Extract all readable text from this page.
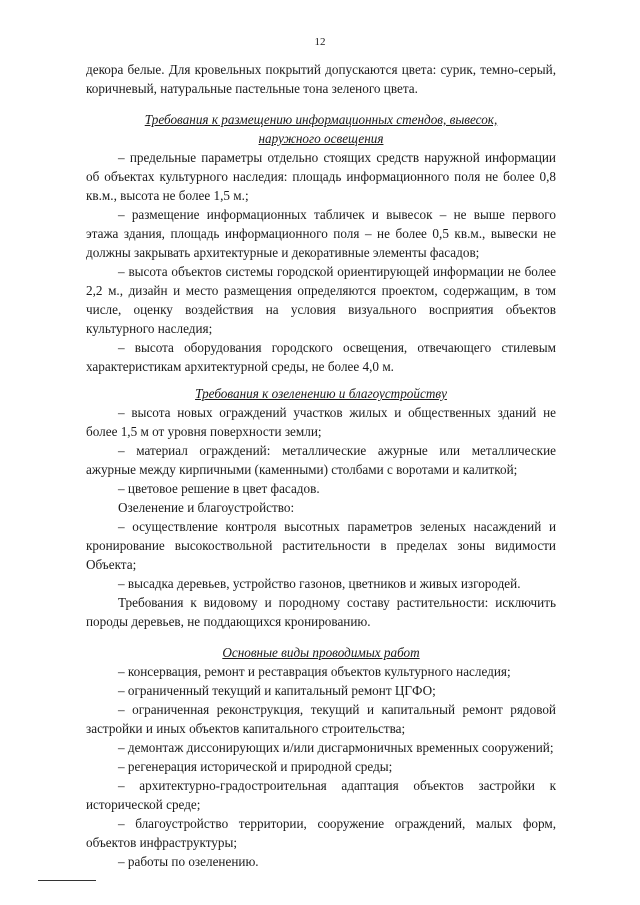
12

декора белые. Для кровельных покрытий допускаются цвета: сурик, темно-серый, коричневый, натуральные пастельные тона зеленого цвета.

Требования к размещению информационных стендов, вывесок,
наружного освещения

– предельные параметры отдельно стоящих средств наружной информации об объектах культурного наследия: площадь информационного поля не более 0,8 кв.м., высота не более 1,5 м.;

– размещение информационных табличек и вывесок – не выше первого этажа здания, площадь информационного поля – не более 0,5 кв.м., вывески не должны закрывать архитектурные и декоративные элементы фасадов;

– высота объектов системы городской ориентирующей информации не более 2,2 м., дизайн и место размещения определяются проектом, содержащим, в том числе, оценку воздействия на условия визуального восприятия объектов культурного наследия;

– высота оборудования городского освещения, отвечающего стилевым характеристикам архитектурной среды, не более 4,0 м.

Требования к озеленению и благоустройству

– высота новых ограждений участков жилых и общественных зданий не более 1,5 м от уровня поверхности земли;

– материал ограждений: металлические ажурные или металлические ажурные между кирпичными (каменными) столбами с воротами и калиткой;

– цветовое решение в цвет фасадов.

Озеленение и благоустройство:

– осуществление контроля высотных параметров зеленых насаждений и кронирование высокоствольной растительности в пределах зоны видимости Объекта;

– высадка деревьев, устройство газонов, цветников и живых изгородей.

Требования к видовому и породному составу растительности: исключить породы деревьев, не поддающихся кронированию.

Основные виды проводимых работ

– консервация, ремонт и реставрация объектов культурного наследия;

– ограниченный текущий и капитальный ремонт ЦГФО;

– ограниченная реконструкция, текущий и капитальный ремонт рядовой застройки и иных объектов капитального строительства;

– демонтаж диссонирующих и/или дисгармоничных временных сооружений;

– регенерация исторической и природной среды;

– архитектурно-градостроительная адаптация объектов застройки к исторической среде;

– благоустройство территории, сооружение ограждений, малых форм, объектов инфраструктуры;

– работы по озеленению.
